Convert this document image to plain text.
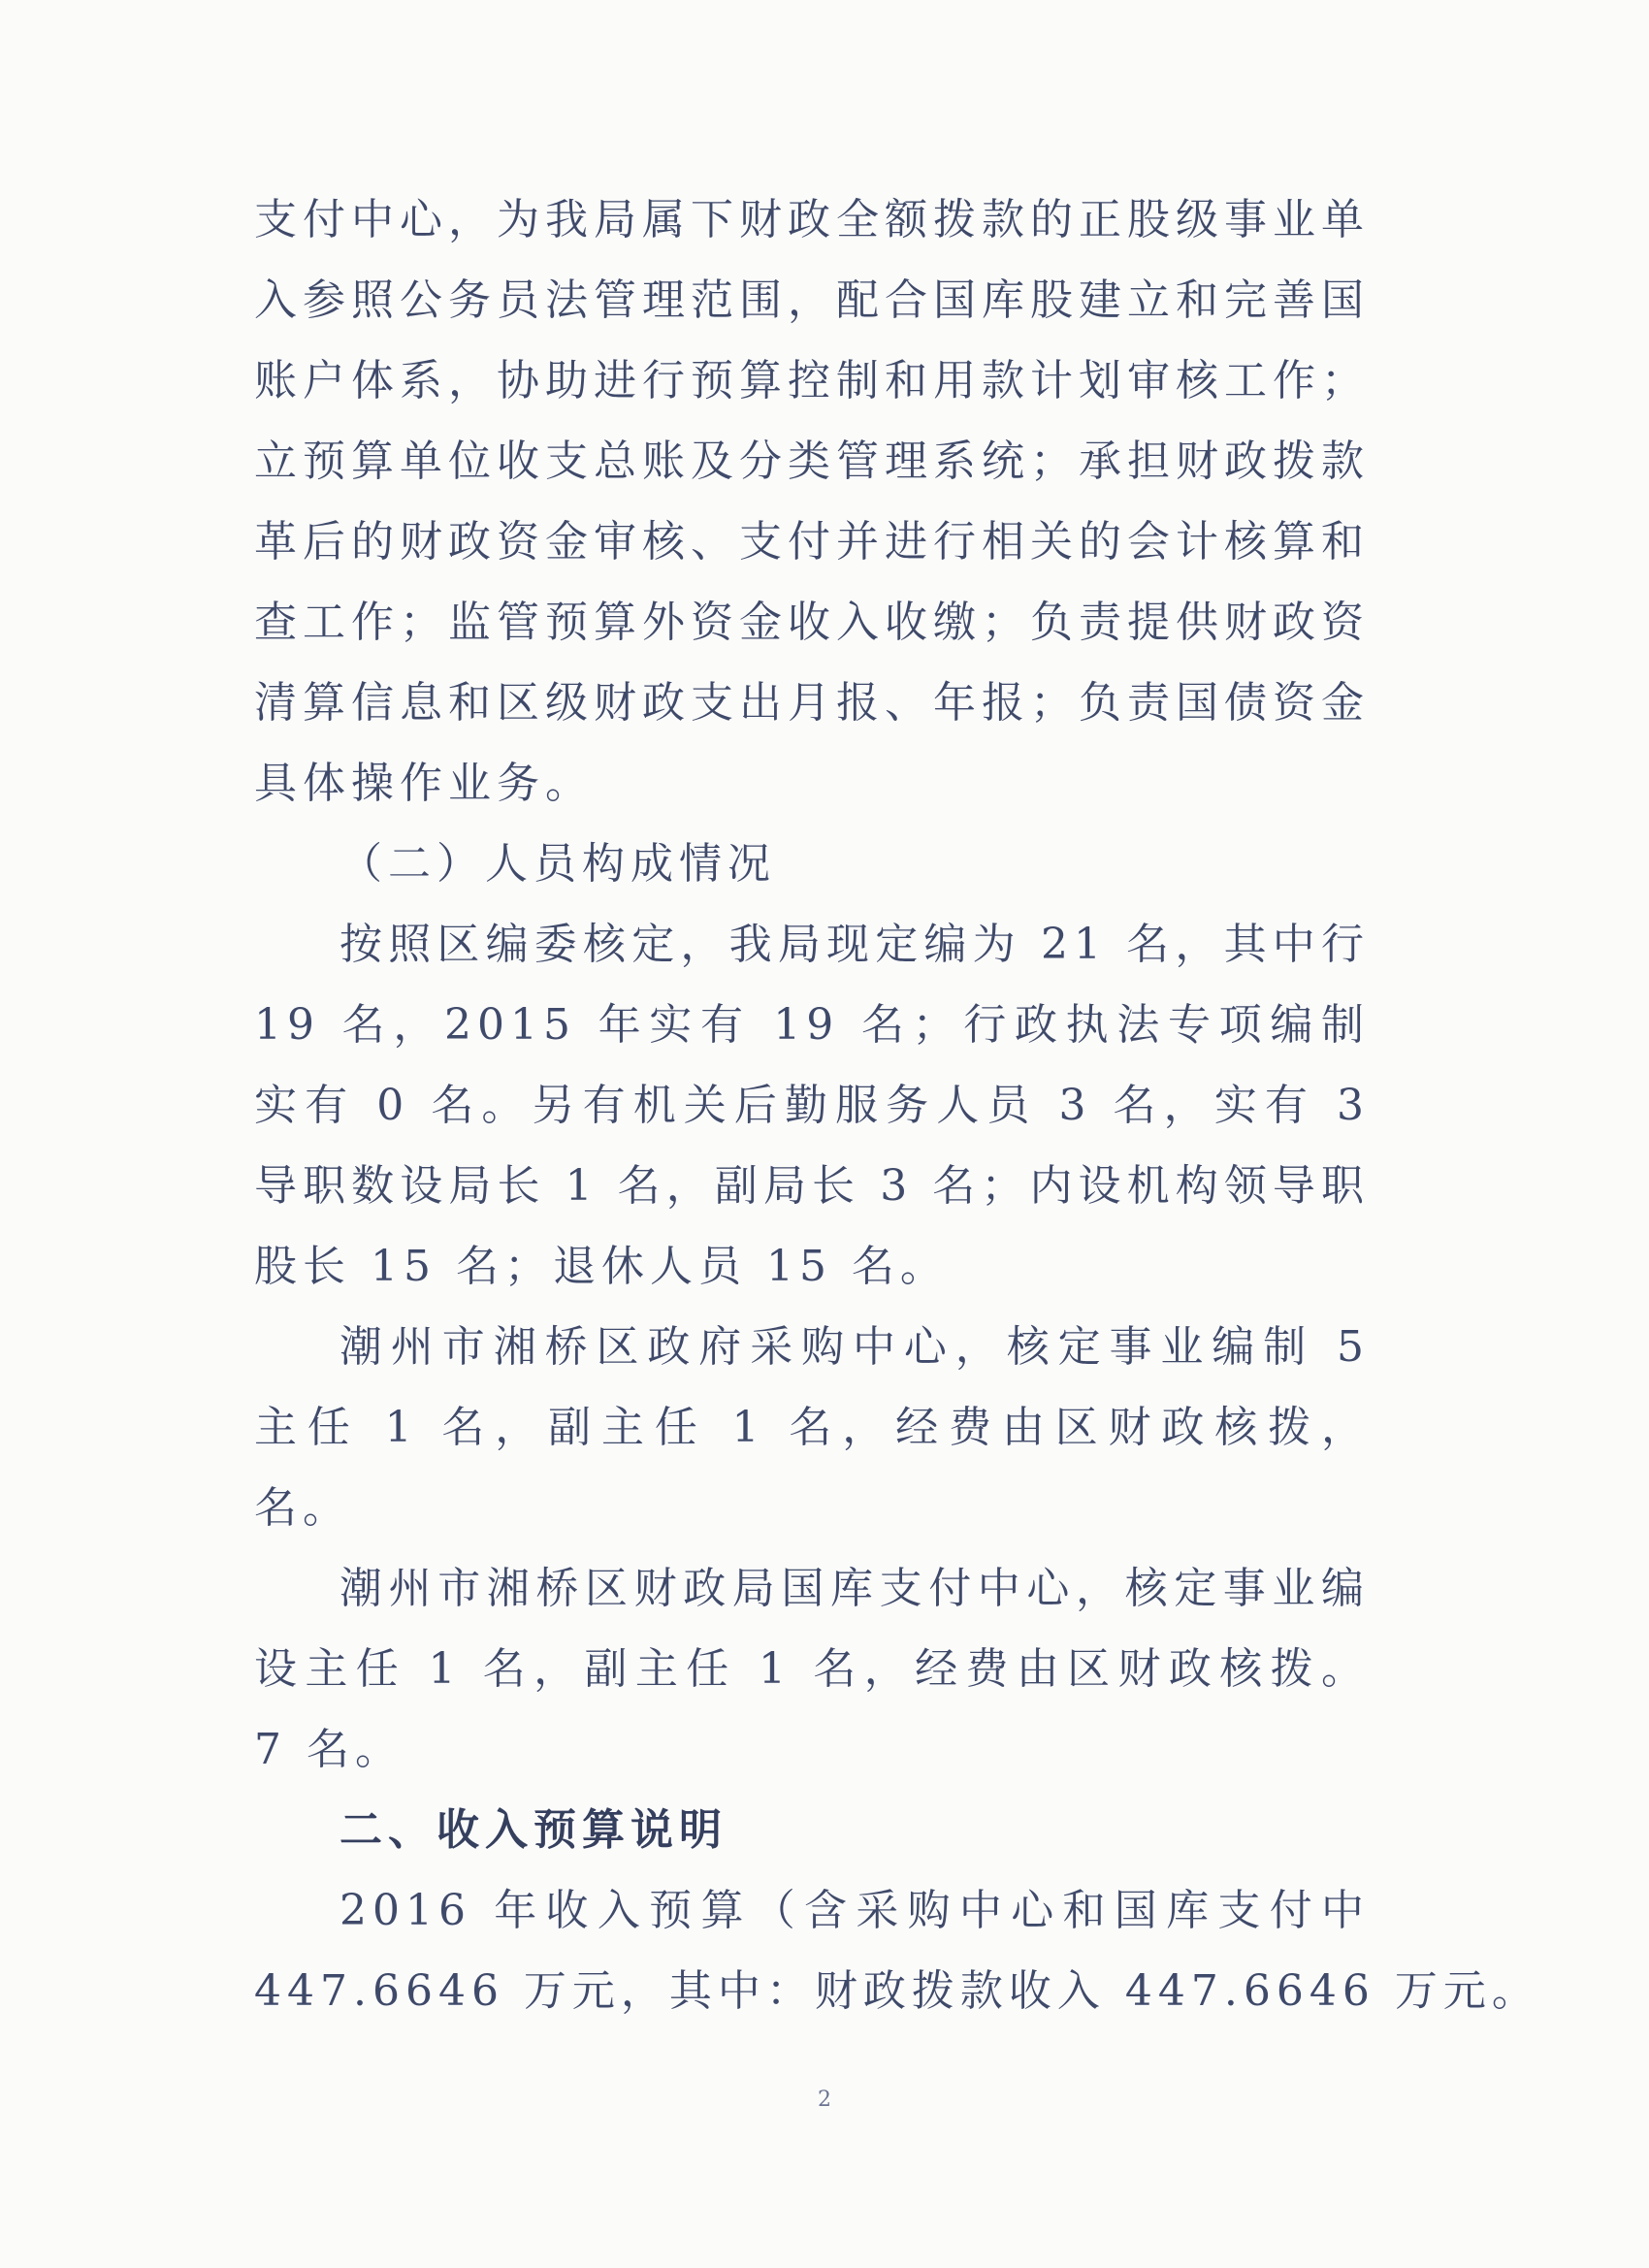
支付中心，为我局属下财政全额拨款的正股级事业单
入参照公务员法管理范围，配合国库股建立和完善国
账户体系，协助进行预算控制和用款计划审核工作；
立预算单位收支总账及分类管理系统；承担财政拨款
革后的财政资金审核、支付并进行相关的会计核算和
查工作；监管预算外资金收入收缴；负责提供财政资
清算信息和区级财政支出月报、年报；负责国债资金
具体操作业务。
（二）人员构成情况
按照区编委核定，我局现定编为 21 名，其中行
19 名，2015 年实有 19 名；行政执法专项编制
实有 0 名。另有机关后勤服务人员 3 名，实有 3
导职数设局长 1 名，副局长 3 名；内设机构领导职
股长 15 名；退休人员 15 名。
潮州市湘桥区政府采购中心，核定事业编制 5
主任 1 名，副主任 1 名，经费由区财政核拨，
名。
潮州市湘桥区财政局国库支付中心，核定事业编
设主任 1 名，副主任 1 名，经费由区财政核拨。
7 名。
二、收入预算说明
2016 年收入预算（含采购中心和国库支付中
447.6646 万元，其中：财政拨款收入 447.6646 万元。
2
